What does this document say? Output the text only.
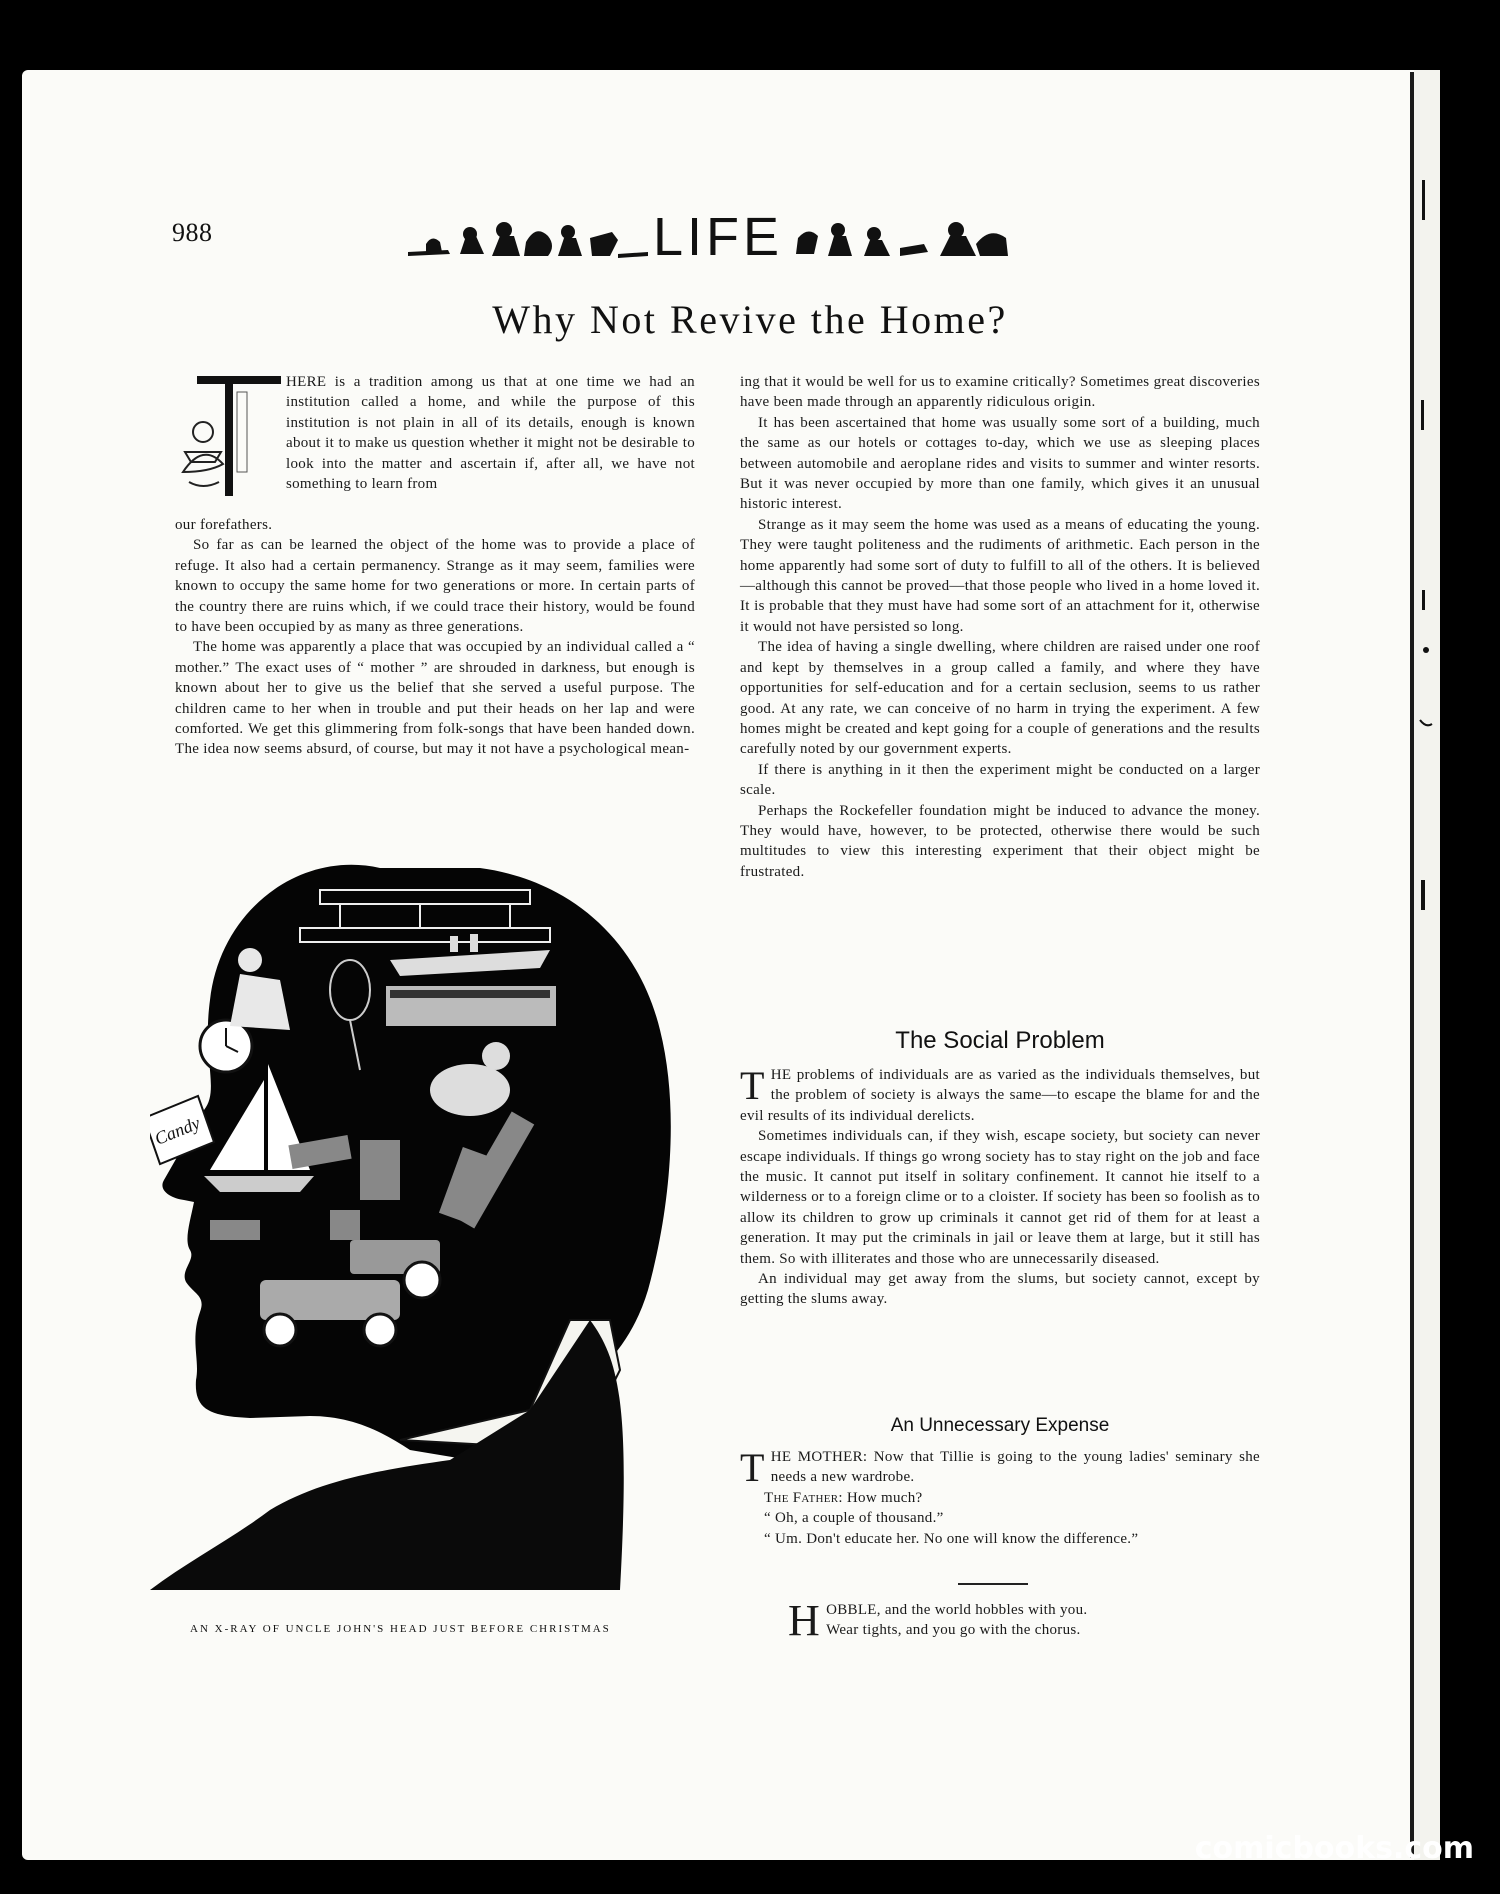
988	LIFE
Why Not Revive the Home?

HERE is a tradition among us that at one time we had an institution called a home, and while the purpose of this institution is not plain in all of its details, enough is known about it to make us question whether it might not be desirable to look into the matter and ascertain if, after all, we have not something to learn from

our forefathers.

So far as can be learned the object of the home was to provide a place of refuge. It also had a certain permanency. Strange as it may seem, families were known to occupy the same home for two generations or more. In certain parts of the country there are ruins which, if we could trace their history, would be found to have been occupied by as many as three generations.

The home was apparently a place that was occupied by an individual called a “ mother.” The exact uses of “ mother ” are shrouded in darkness, but enough is known about her to give us the belief that she served a useful purpose. The children came to her when in trouble and put their heads on her lap and were comforted. We get this glimmering from folk-songs that have been handed down. The idea now seems absurd, of course, but may it not have a psychological mean-

ing that it would be well for us to examine critically? Sometimes great discoveries have been made through an apparently ridiculous origin.

It has been ascertained that home was usually some sort of a building, much the same as our hotels or cottages to-day, which we use as sleeping places between automobile and aeroplane rides and visits to summer and winter resorts. But it was never occupied by more than one family, which gives it an unusual historic interest.

Strange as it may seem the home was used as a means of educating the young. They were taught politeness and the rudiments of arithmetic. Each person in the home apparently had some sort of duty to fulfill to all of the others. It is believed—although this cannot be proved—that those people who lived in a home loved it. It is probable that they must have had some sort of an attachment for it, otherwise it would not have persisted so long.

The idea of having a single dwelling, where children are raised under one roof and kept by themselves in a group called a family, and where they have opportunities for self-education and for a certain seclusion, seems to us rather good. At any rate, we can conceive of no harm in trying the experiment. A few homes might be created and kept going for a couple of generations and the results carefully noted by our government experts.

If there is anything in it then the experiment might be conducted on a larger scale.

Perhaps the Rockefeller foundation might be induced to advance the money. They would have, however, to be protected, otherwise there would be such multitudes to view this interesting experiment that their object might be frustrated.

The Social Problem

THE problems of individuals are as varied as the individuals themselves, but the problem of society is always the same—to escape the blame for and the evil results of its individual derelicts.

Sometimes individuals can, if they wish, escape society, but society can never escape individuals. If things go wrong society has to stay right on the job and face the music. It cannot put itself in solitary confinement. It cannot hie itself to a wilderness or to a foreign clime or to a cloister. If society has been so foolish as to allow its children to grow up criminals it cannot get rid of them for at least a generation. It may put the criminals in jail or leave them at large, but it still has them. So with illiterates and those who are unnecessarily diseased.

An individual may get away from the slums, but society cannot, except by getting the slums away.

An Unnecessary Expense

THE MOTHER: Now that Tillie is going to the young ladies' seminary she needs a new wardrobe.

The Father: How much?

“ Oh, a couple of thousand.”

“ Um. Don't educate her. No one will know the difference.”

H OBBLE, and the world hobbles with you.
Wear tights, and you go with the chorus.
Candy
AN X-RAY OF UNCLE JOHN'S HEAD JUST BEFORE CHRISTMAS
comicbooks.com
